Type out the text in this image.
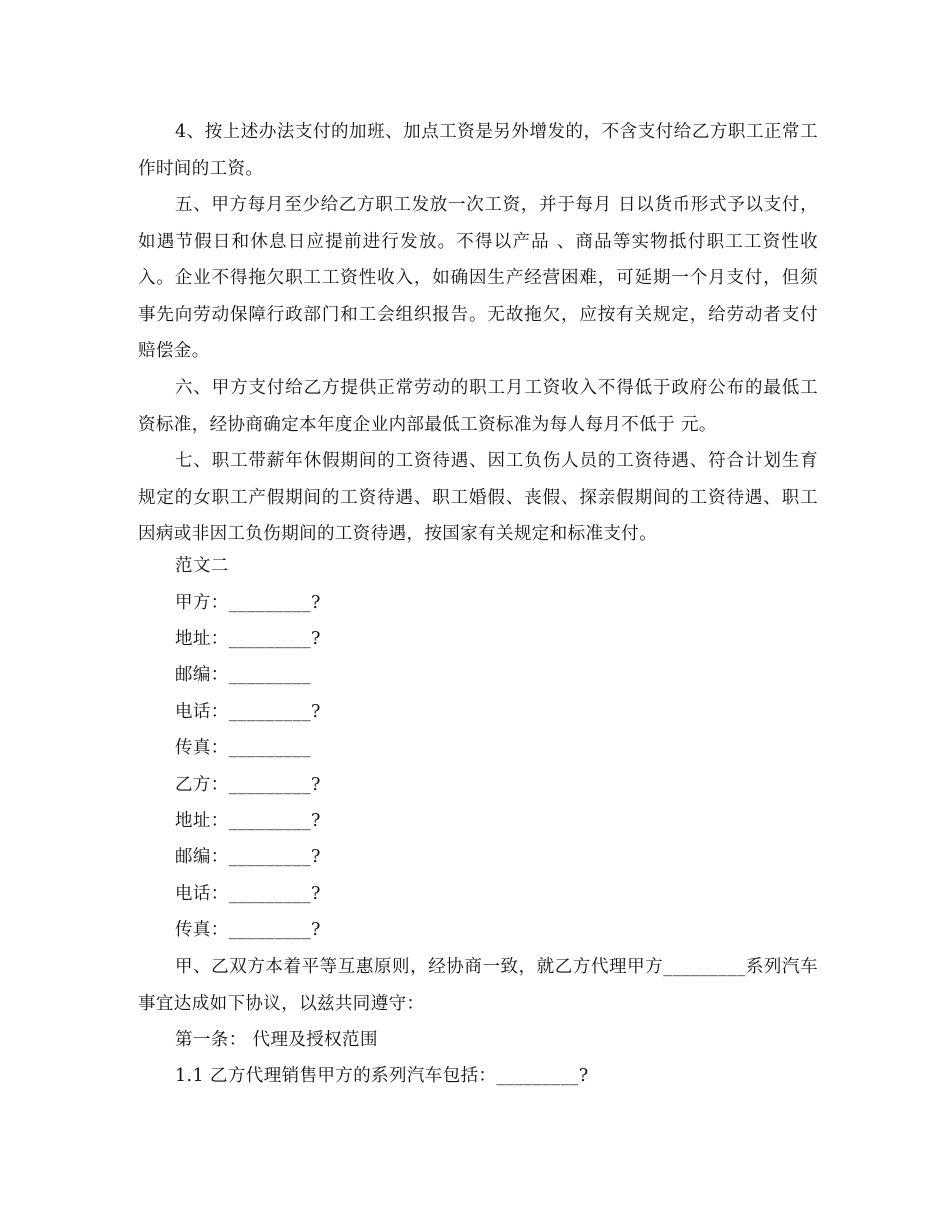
4、按上述办法支付的加班、加点工资是另外增发的，不含支付给乙方职工正常工作时间的工资。

五、甲方每月至少给乙方职工发放一次工资，并于每月 日以货币形式予以支付，如遇节假日和休息日应提前进行发放。不得以产品 、商品等实物抵付职工工资性收入。企业不得拖欠职工工资性收入，如确因生产经营困难，可延期一个月支付，但须事先向劳动保障行政部门和工会组织报告。无故拖欠，应按有关规定，给劳动者支付赔偿金。

六、甲方支付给乙方提供正常劳动的职工月工资收入不得低于政府公布的最低工资标准，经协商确定本年度企业内部最低工资标准为每人每月不低于 元。

七、职工带薪年休假期间的工资待遇、因工负伤人员的工资待遇、符合计划生育规定的女职工产假期间的工资待遇、职工婚假、丧假、探亲假期间的工资待遇、职工因病或非因工负伤期间的工资待遇，按国家有关规定和标准支付。

范文二

甲方：_________?

地址：_________?

邮编：_________

电话：_________?

传真：_________

乙方：_________?

地址：_________?

邮编：_________?

电话：_________?

传真：_________?

甲、乙双方本着平等互惠原则，经协商一致，就乙方代理甲方_________系列汽车事宜达成如下协议，以兹共同遵守：

第一条： 代理及授权范围

1.1 乙方代理销售甲方的系列汽车包括：_________?
